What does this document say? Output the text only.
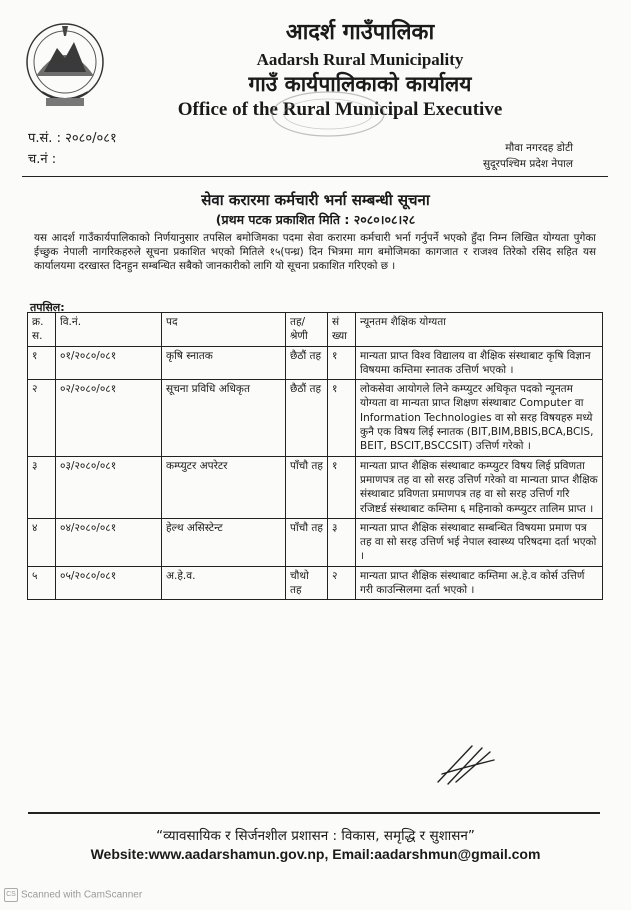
आदर्श गाउँपालिका
Aadarsh Rural Municipality
गाउँ कार्यपालिकाको कार्यालय
Office of the Rural Municipal Executive
प.सं. : २०८०/०८१
च.नं :
मौवा नगरदह डोटी
सुदूरपश्चिम प्रदेश नेपाल
सेवा करारमा कर्मचारी भर्ना सम्बन्धी सूचना
(प्रथम पटक प्रकाशित मिति : २०८०।०८।२८
यस आदर्श गाउँकार्यपालिकाको निर्णयानुसार तपसिल बमोजिमका पदमा सेवा करारमा कर्मचारी भर्ना गर्नुपर्ने भएको हुँदा निम्न लिखित योग्यता पुगेका ईच्छुक नेपाली नागरिकहरुले सूचना प्रकाशित भएको मितिले १५(पन्ध्र) दिन भित्रमा माग बमोजिमका कागजात र राजश्व तिरेको रसिद सहित यस कार्यालयमा दरखास्त दिनहुन सम्बन्धित सबैको जानकारीको लागि यो सूचना प्रकाशित गरिएको छ ।
तपसिल:
क्र. स.	वि.नं.	पद	तह/ श्रेणी	सं ख्या	न्यूनतम शैक्षिक योग्यता
१	०१/२०८०/०८१	कृषि स्नातक	छैठौं तह	१	मान्यता प्राप्त विश्व विद्यालय वा शैक्षिक संस्थाबाट कृषि विज्ञान विषयमा कम्तिमा स्नातक उत्तिर्ण भएको ।
२	०२/२०८०/०८१	सूचना प्रविधि अधिकृत	छैठौं तह	१	लोकसेवा आयोगले लिने कम्प्युटर अधिकृत पदको न्यूनतम योग्यता वा मान्यता प्राप्त शिक्षण संस्थाबाट Computer वा Information Technologies वा सो सरह विषयहरु मध्ये कुनै एक विषय लिई स्नातक (BIT,BIM,BBIS,BCA,BCIS, BEIT, BSCIT,BSCCSIT) उत्तिर्ण गरेको ।
३	०३/२०८०/०८१	कम्प्युटर अपरेटर	पाँचौ तह	१	मान्यता प्राप्त शैक्षिक संस्थाबाट कम्प्युटर विषय लिई प्रविणता प्रमाणपत्र तह वा सो सरह उत्तिर्ण गरेको वा मान्यता प्राप्त शैक्षिक संस्थाबाट प्रविणता प्रमाणपत्र तह वा सो सरह उत्तिर्ण गरि रजिष्टर्ड संस्थाबाट कम्तिमा ६ महिनाको कम्प्युटर तालिम प्राप्त ।
४	०४/२०८०/०८१	हेल्थ असिस्टेन्ट	पाँचौ तह	३	मान्यता प्राप्त शैक्षिक संस्थाबाट सम्बन्धित विषयमा प्रमाण पत्र तह वा सो सरह उत्तिर्ण भई नेपाल स्वास्थ्य परिषदमा दर्ता भएको ।
५	०५/२०८०/०८१	अ.हे.व.	चौथो तह	२	मान्यता प्राप्त शैक्षिक संस्थाबाट कम्तिमा अ.हे.व कोर्स उत्तिर्ण गरी काउन्सिलमा दर्ता भएको ।
“व्यावसायिक र सिर्जनशील प्रशासन : विकास, समृद्धि र सुशासन”
Website:www.aadarshamun.gov.np, Email:aadarshmun@gmail.com
CS Scanned with CamScanner
